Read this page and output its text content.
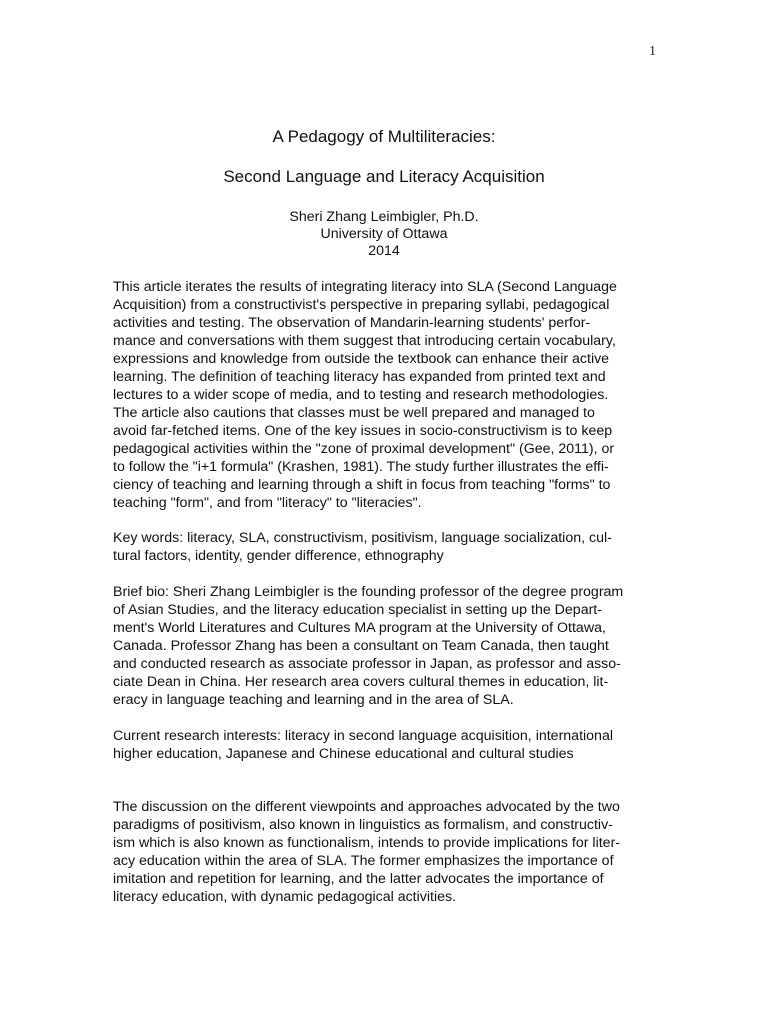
1
A Pedagogy of Multiliteracies:
Second Language and Literacy Acquisition
Sheri Zhang Leimbigler, Ph.D.
University of Ottawa
2014
This article iterates the results of integrating literacy into SLA (Second Language
Acquisition) from a constructivist's perspective in preparing syllabi, pedagogical
activities and testing. The observation of Mandarin-learning students' perfor-
mance and conversations with them suggest that introducing certain vocabulary,
expressions and knowledge from outside the textbook can enhance their active
learning. The definition of teaching literacy has expanded from printed text and
lectures to a wider scope of media, and to testing and research methodologies.
The article also cautions that classes must be well prepared and managed to
avoid far-fetched items. One of the key issues in socio-constructivism is to keep
pedagogical activities within the "zone of proximal development" (Gee, 2011), or
to follow the "i+1 formula" (Krashen, 1981). The study further illustrates the effi-
ciency of teaching and learning through a shift in focus from teaching "forms" to
teaching "form", and from "literacy" to "literacies".
Key words: literacy, SLA, constructivism, positivism, language socialization, cul-
tural factors, identity, gender difference, ethnography
Brief bio: Sheri Zhang Leimbigler is the founding professor of the degree program
of Asian Studies, and the literacy education specialist in setting up the Depart-
ment's World Literatures and Cultures MA program at the University of Ottawa,
Canada. Professor Zhang has been a consultant on Team Canada, then taught
and conducted research as associate professor in Japan, as professor and asso-
ciate Dean in China. Her research area covers cultural themes in education, lit-
eracy in language teaching and learning and in the area of SLA.
Current research interests: literacy in second language acquisition, international
higher education, Japanese and Chinese educational and cultural studies
The discussion on the different viewpoints and approaches advocated by the two
paradigms of positivism, also known in linguistics as formalism, and constructiv-
ism which is also known as functionalism, intends to provide implications for liter-
acy education within the area of SLA. The former emphasizes the importance of
imitation and repetition for learning, and the latter advocates the importance of
literacy education, with dynamic pedagogical activities.
